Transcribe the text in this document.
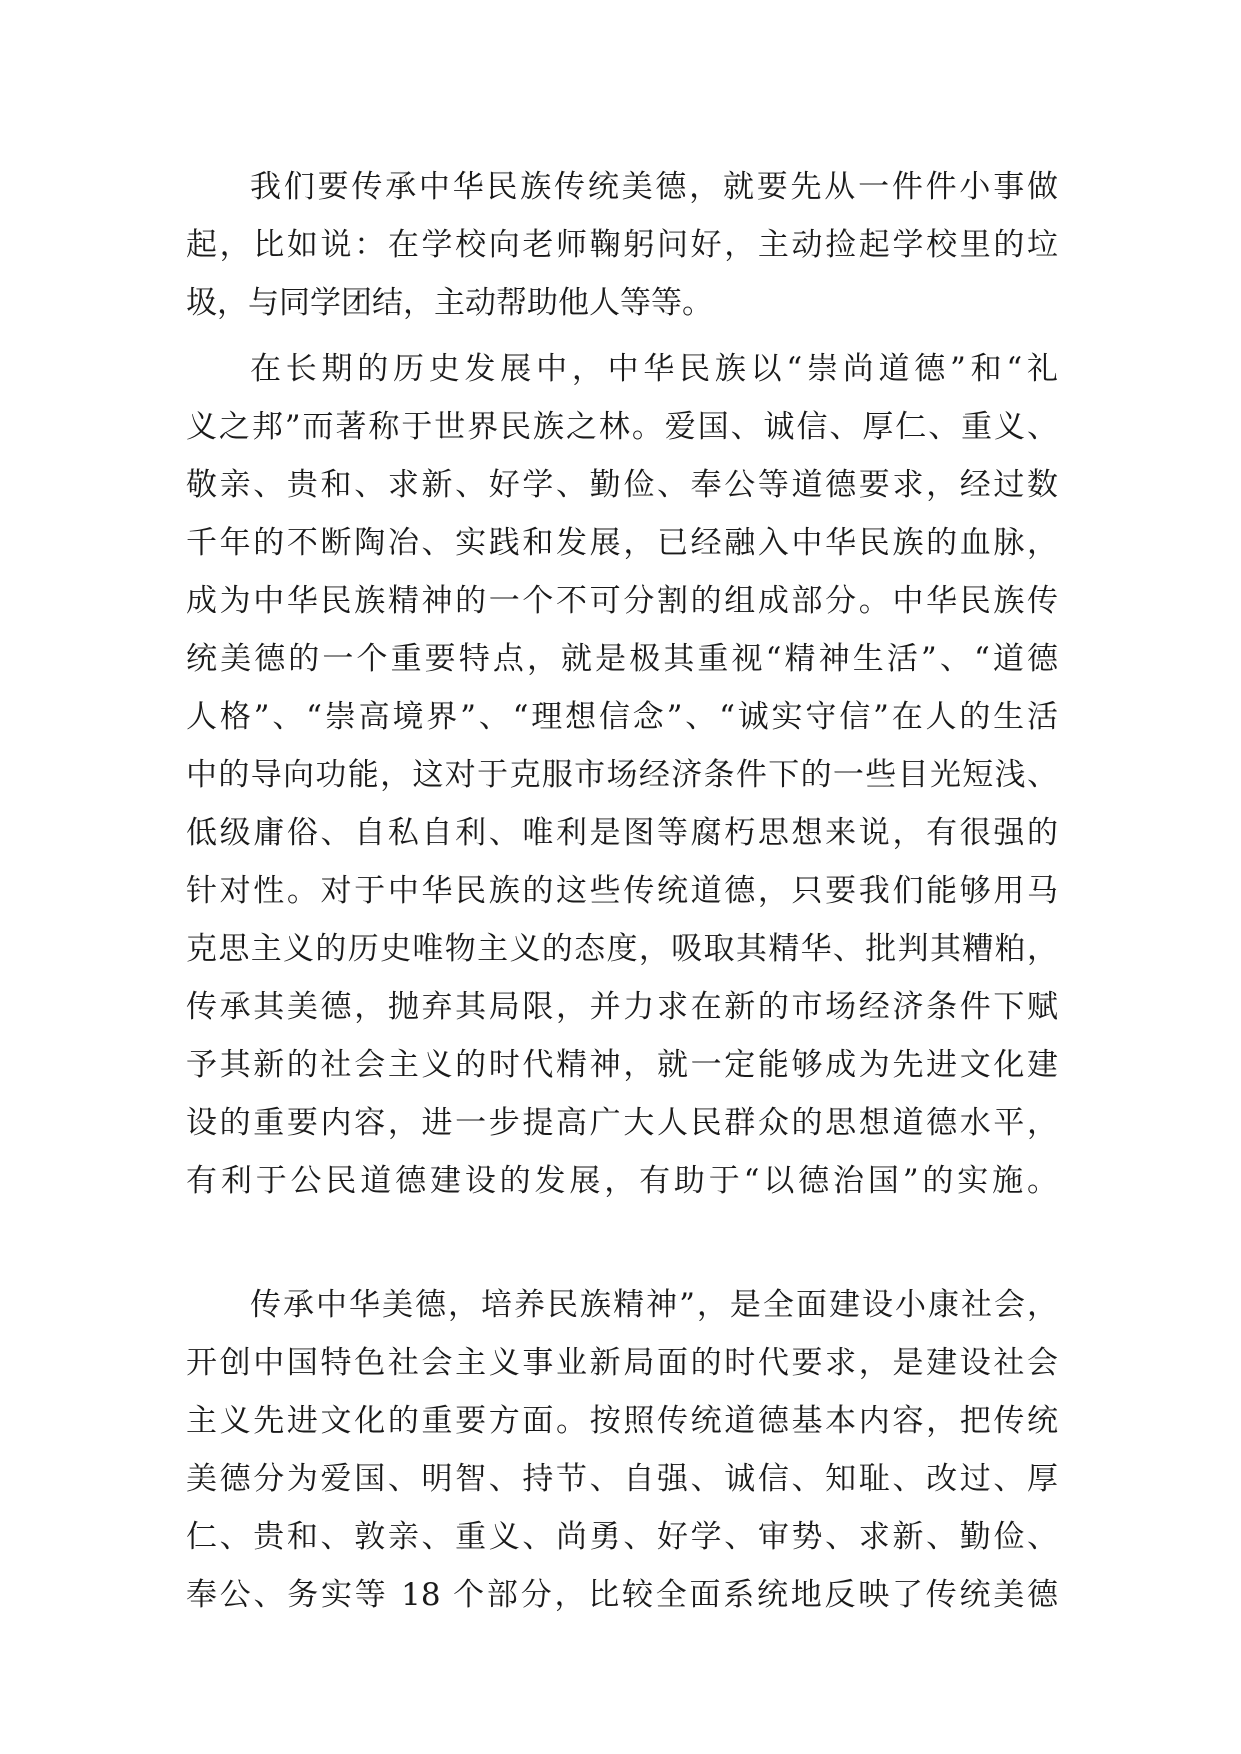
我们要传承中华民族传统美德，就要先从一件件小事做
起，比如说：在学校向老师鞠躬问好，主动捡起学校里的垃
圾，与同学团结，主动帮助他人等等。
在长期的历史发展中，中华民族以“崇尚道德”和“礼
义之邦”而著称于世界民族之林。爱国、诚信、厚仁、重义、
敬亲、贵和、求新、好学、勤俭、奉公等道德要求，经过数
千年的不断陶冶、实践和发展，已经融入中华民族的血脉，
成为中华民族精神的一个不可分割的组成部分。中华民族传
统美德的一个重要特点，就是极其重视“精神生活”、“道德
人格”、“崇高境界”、“理想信念”、“诚实守信”在人的生活
中的导向功能，这对于克服市场经济条件下的一些目光短浅、
低级庸俗、自私自利、唯利是图等腐朽思想来说，有很强的
针对性。对于中华民族的这些传统道德，只要我们能够用马
克思主义的历史唯物主义的态度，吸取其精华、批判其糟粕，
传承其美德，抛弃其局限，并力求在新的市场经济条件下赋
予其新的社会主义的时代精神，就一定能够成为先进文化建
设的重要内容，进一步提高广大人民群众的思想道德水平，
有利于公民道德建设的发展，有助于“以德治国”的实施。
传承中华美德，培养民族精神”，是全面建设小康社会，
开创中国特色社会主义事业新局面的时代要求，是建设社会
主义先进文化的重要方面。按照传统道德基本内容，把传统
美德分为爱国、明智、持节、自强、诚信、知耻、改过、厚
仁、贵和、敦亲、重义、尚勇、好学、审势、求新、勤俭、
奉公、务实等 18 个部分，比较全面系统地反映了传统美德
